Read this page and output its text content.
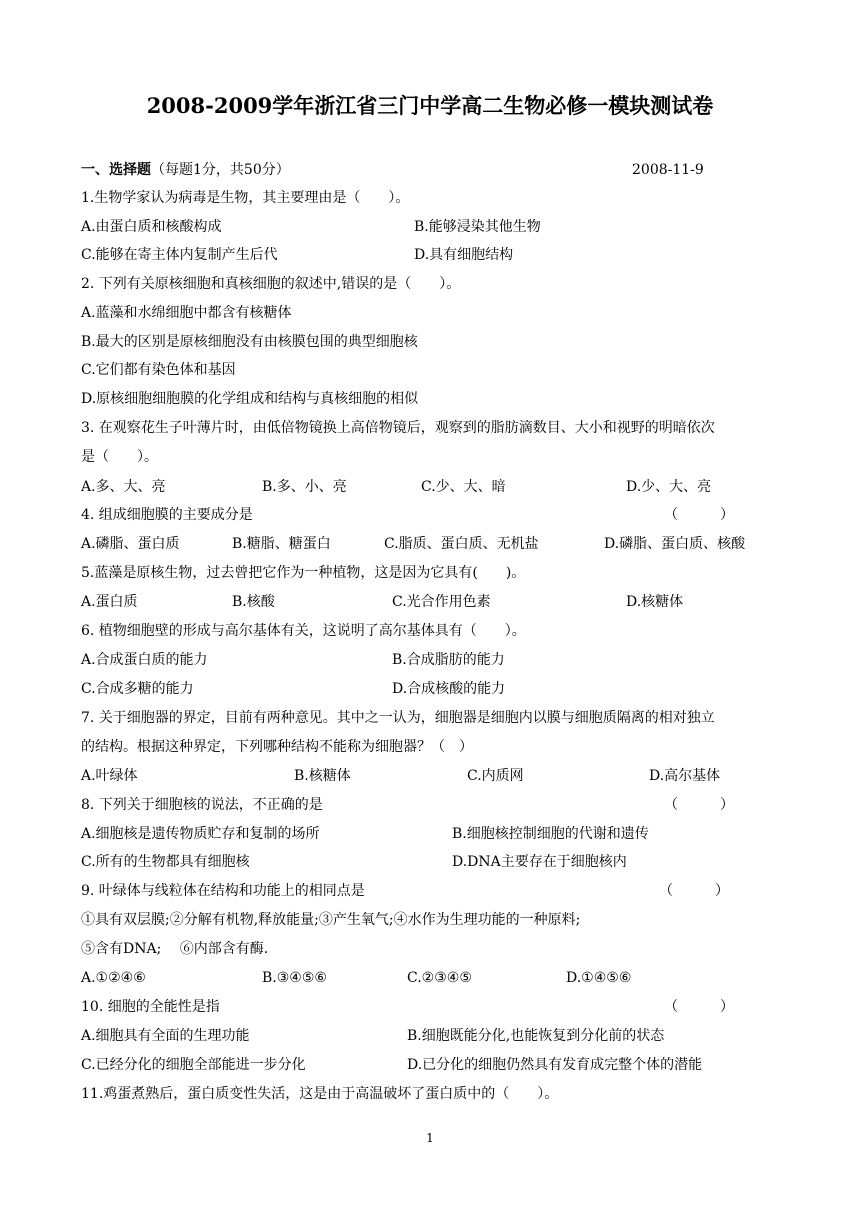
2008-2009学年浙江省三门中学高二生物必修一模块测试卷
2008-11-9
一、选择题（每题1分，共50分）
1.生物学家认为病毒是生物，其主要理由是（　　）。
A.由蛋白质和核酸构成	B.能够浸染其他生物
C.能够在寄主体内复制产生后代	D.具有细胞结构
2. 下列有关原核细胞和真核细胞的叙述中,错误的是（　　）。
A.蓝藻和水绵细胞中都含有核糖体
B.最大的区别是原核细胞没有由核膜包围的典型细胞核
C.它们都有染色体和基因
D.原核细胞细胞膜的化学组成和结构与真核细胞的相似
3. 在观察花生子叶薄片时，由低倍物镜换上高倍物镜后，观察到的脂肪滴数目、大小和视野的明暗依次
是（　　）。
A.多、大、亮	B.多、小、亮	C.少、大、暗	D.少、大、亮
4. 组成细胞膜的主要成分是	（　　　）
A.磷脂、蛋白质	B.糖脂、糖蛋白	C.脂质、蛋白质、无机盐	D.磷脂、蛋白质、核酸
5.蓝藻是原核生物，过去曾把它作为一种植物，这是因为它具有(　　)。
A.蛋白质	B.核酸	C.光合作用色素	D.核糖体
6. 植物细胞壁的形成与高尔基体有关，这说明了高尔基体具有（　　）。
A.合成蛋白质的能力	B.合成脂肪的能力
C.合成多糖的能力	D.合成核酸的能力
7. 关于细胞器的界定，目前有两种意见。其中之一认为，细胞器是细胞内以膜与细胞质隔离的相对独立
的结构。根据这种界定，下列哪种结构不能称为细胞器？（　）
A.叶绿体	B.核糖体	C.内质网	D.高尔基体
8. 下列关于细胞核的说法，不正确的是	（　　　）
A.细胞核是遗传物质贮存和复制的场所	B.细胞核控制细胞的代谢和遗传
C.所有的生物都具有细胞核	D.DNA主要存在于细胞核内
9. 叶绿体与线粒体在结构和功能上的相同点是	（　　　）
①具有双层膜;②分解有机物,释放能量;③产生氧气;④水作为生理功能的一种原料;
⑤含有DNA;　 ⑥内部含有酶.
A.①②④⑥	B.③④⑤⑥	C.②③④⑤	D.①④⑤⑥
10. 细胞的全能性是指	（　　　）
A.细胞具有全面的生理功能	B.细胞既能分化,也能恢复到分化前的状态
C.已经分化的细胞全部能进一步分化	D.已分化的细胞仍然具有发育成完整个体的潜能
11.鸡蛋煮熟后，蛋白质变性失活，这是由于高温破坏了蛋白质中的（　　）。
1
